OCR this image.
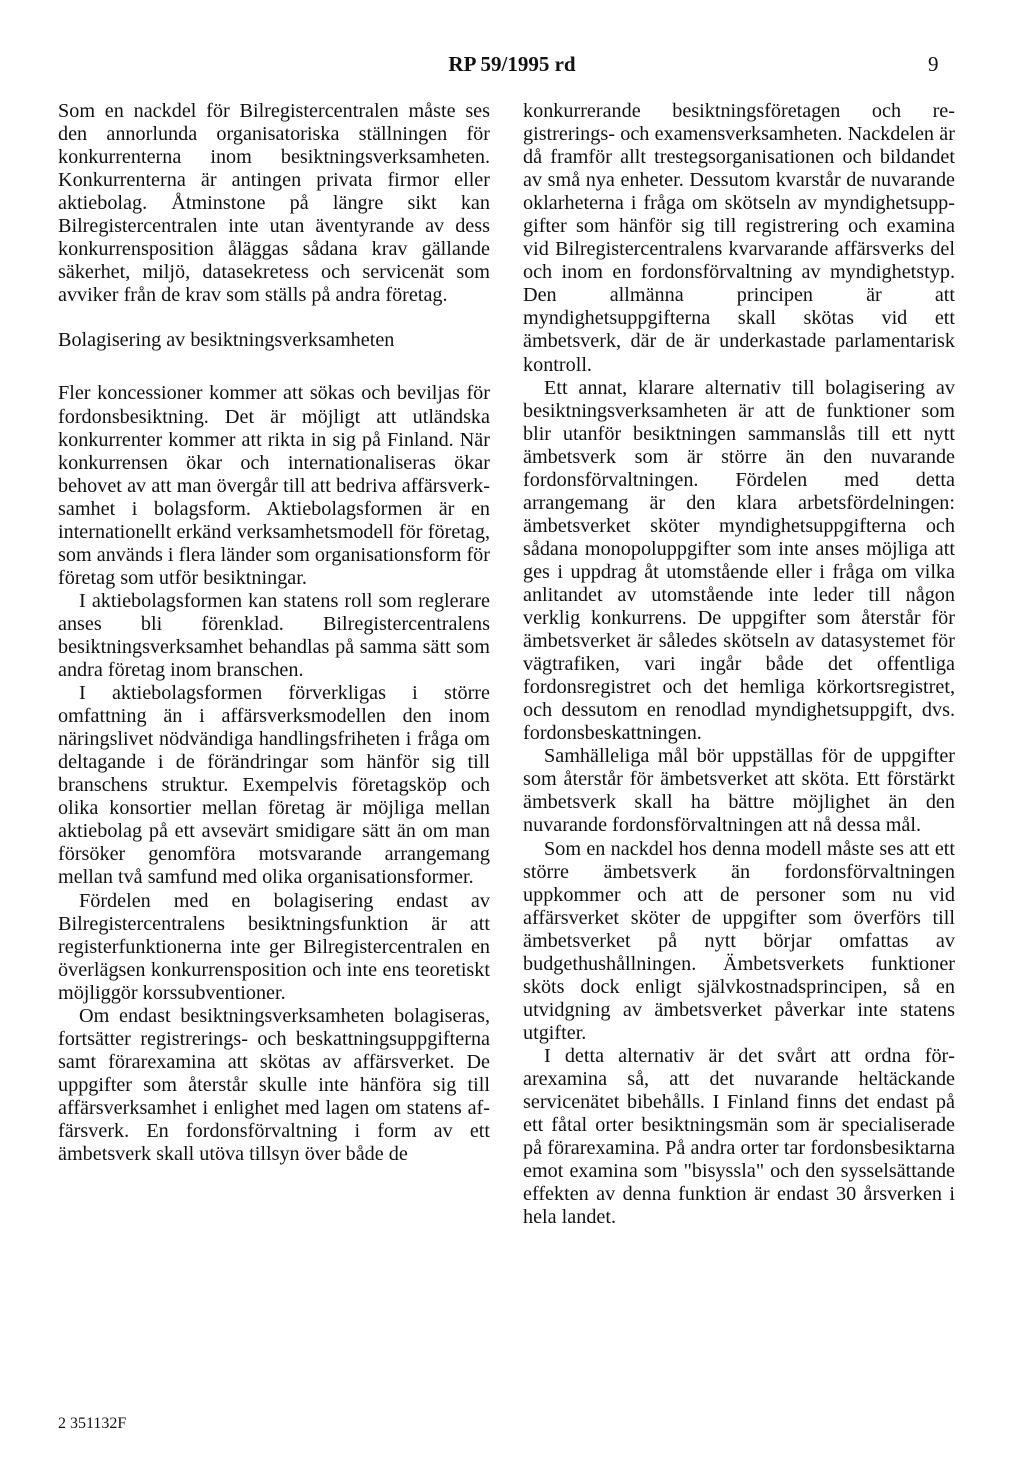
RP 59/1995 rd	9

Som en nackdel för Bilregistercentralen måste ses den annorlunda organisatoriska ställningen för konkurrenterna inom besiktningsverksamheten. Konkurrenterna är antingen privata firmor eller aktiebolag. Åtminstone på längre sikt kan Bilregistercentralen inte utan äventyrande av dess konkurrensposition åläggas sådana krav gällande säkerhet, miljö, datasekretess och servicenät som avviker från de krav som ställs på andra företag.

Bolagisering av besiktningsverksamheten

Fler koncessioner kommer att sökas och beviljas för fordonsbesiktning. Det är möjligt att utländska konkurrenter kommer att rikta in sig på Finland. När konkurrensen ökar och internationaliseras ökar behovet av att man övergår till att bedriva affärsverksamhet i bolagsform. Aktiebolagsformen är en internationellt erkänd verksamhetsmodell för företag, som används i flera länder som organisationsform för företag som utför besiktningar.

I aktiebolagsformen kan statens roll som reglerare anses bli förenklad. Bilregistercentralens besiktningsverksamhet behandlas på samma sätt som andra företag inom branschen.

I aktiebolagsformen förverkligas i större omfattning än i affärsverksmodellen den inom näringslivet nödvändiga handlingsfriheten i fråga om deltagande i de förändringar som hänför sig till branschens struktur. Exempelvis företagsköp och olika konsortier mellan företag är möjliga mellan aktiebolag på ett avsevärt smidigare sätt än om man försöker genomföra motsvarande arrangemang mellan två samfund med olika organisationsformer.

Fördelen med en bolagisering endast av Bilregistercentralens besiktningsfunktion är att registerfunktionerna inte ger Bilregistercentralen en överlägsen konkurrensposition och inte ens teoretiskt möjliggör korssubventioner.

Om endast besiktningsverksamheten bolagiseras, fortsätter registrerings- och beskattningsuppgifterna samt förarexamina att skötas av affärsverket. De uppgifter som återstår skulle inte hänföra sig till affärsverksamhet i enlighet med lagen om statens affärsverk. En fordonsförvaltning i form av ett ämbetsverk skall utöva tillsyn över både de

konkurrerande besiktningsföretagen och registrerings- och examensverksamheten. Nackdelen är då framför allt trestegsorganisationen och bildandet av små nya enheter. Dessutom kvarstår de nuvarande oklarheterna i fråga om skötseln av myndighetsuppgifter som hänför sig till registrering och examina vid Bilregistercentralens kvarvarande affärsverks del och inom en fordonsförvaltning av myndighetstyp. Den allmänna principen är att myndighetsuppgifterna skall skötas vid ett ämbetsverk, där de är underkastade parlamentarisk kontroll.

Ett annat, klarare alternativ till bolagisering av besiktningsverksamheten är att de funktioner som blir utanför besiktningen sammanslås till ett nytt ämbetsverk som är större än den nuvarande fordonsförvaltningen. Fördelen med detta arrangemang är den klara arbetsfördelningen: ämbetsverket sköter myndighetsuppgifterna och sådana monopoluppgifter som inte anses möjliga att ges i uppdrag åt utomstående eller i fråga om vilka anlitandet av utomstående inte leder till någon verklig konkurrens. De uppgifter som återstår för ämbetsverket är således skötseln av datasystemet för vägtrafiken, vari ingår både det offentliga fordonsregistret och det hemliga körkortsregistret, och dessutom en renodlad myndighetsuppgift, dvs. fordonsbeskattningen.

Samhälleliga mål bör uppställas för de uppgifter som återstår för ämbetsverket att sköta. Ett förstärkt ämbetsverk skall ha bättre möjlighet än den nuvarande fordonsförvaltningen att nå dessa mål.

Som en nackdel hos denna modell måste ses att ett större ämbetsverk än fordonsförvaltningen uppkommer och att de personer som nu vid affärsverket sköter de uppgifter som överförs till ämbetsverket på nytt börjar omfattas av budgethushållningen. Ämbetsverkets funktioner sköts dock enligt självkostnadsprincipen, så en utvidgning av ämbetsverket påverkar inte statens utgifter.

I detta alternativ är det svårt att ordna förarexamina så, att det nuvarande heltäckande servicenätet bibehålls. I Finland finns det endast på ett fåtal orter besiktningsmän som är specialiserade på förarexamina. På andra orter tar fordonsbesiktarna emot examina som "bisyssla" och den sysselsättande effekten av denna funktion är endast 30 årsverken i hela landet.

2 351132F
